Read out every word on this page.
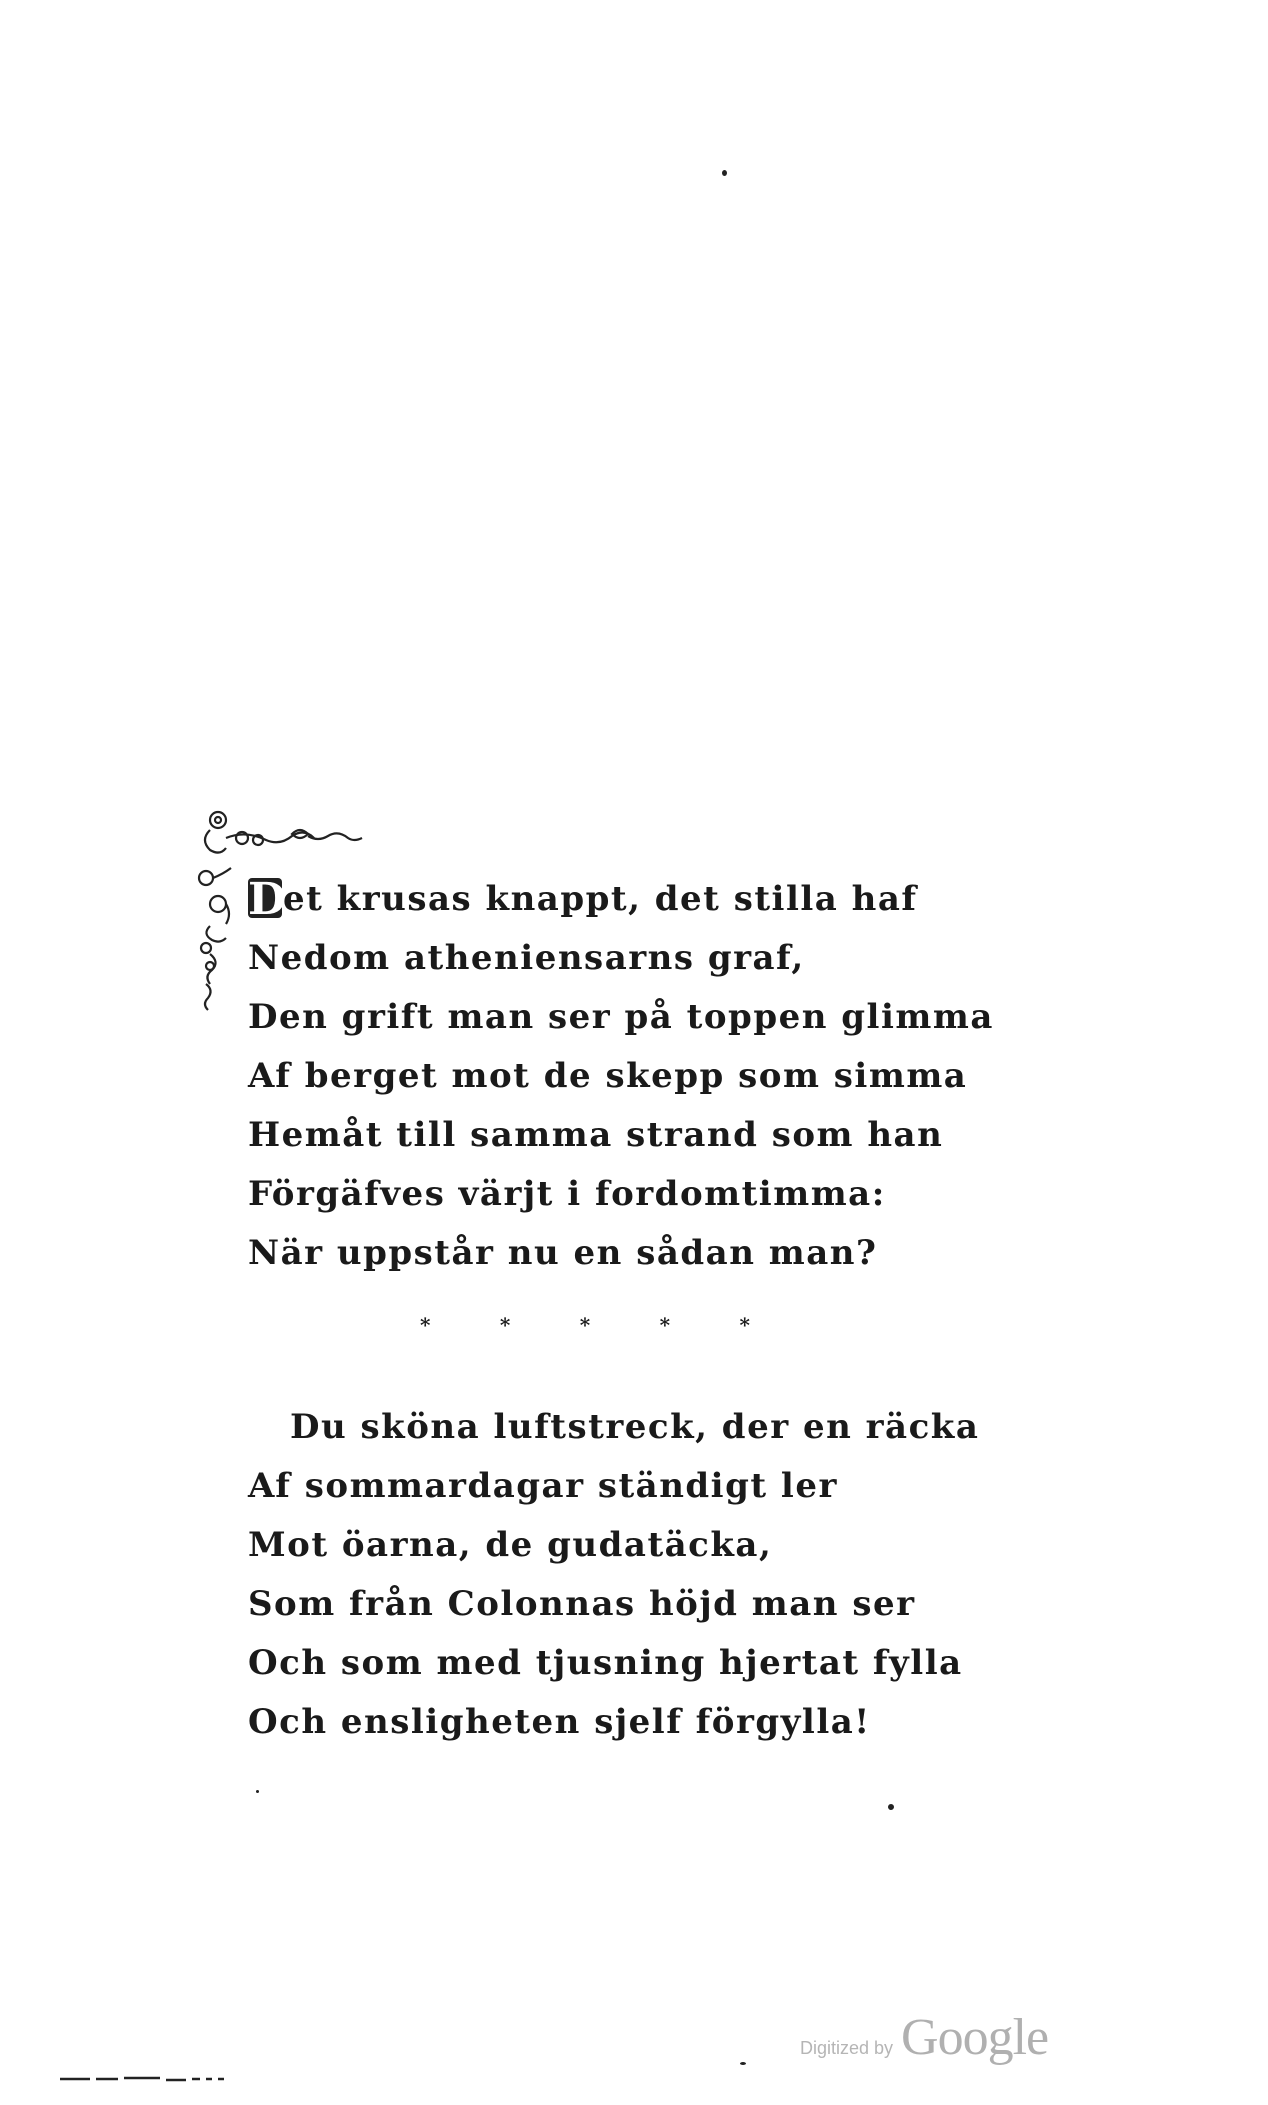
Det krusas knappt, det stilla haf
Nedom atheniensarns graf,
Den grift man ser på toppen glimma
Af berget mot de skepp som simma
Hemåt till samma strand som han
Förgäfves värjt i fordomtimma:
När uppstår nu en sådan man?
*	*	*	*	*
Du sköna luftstreck, der en räcka
Af sommardagar ständigt ler
Mot öarna, de gudatäcka,
Som från Colonnas höjd man ser
Och som med tjusning hjertat fylla
Och ensligheten sjelf förgylla!
Digitized by Google
